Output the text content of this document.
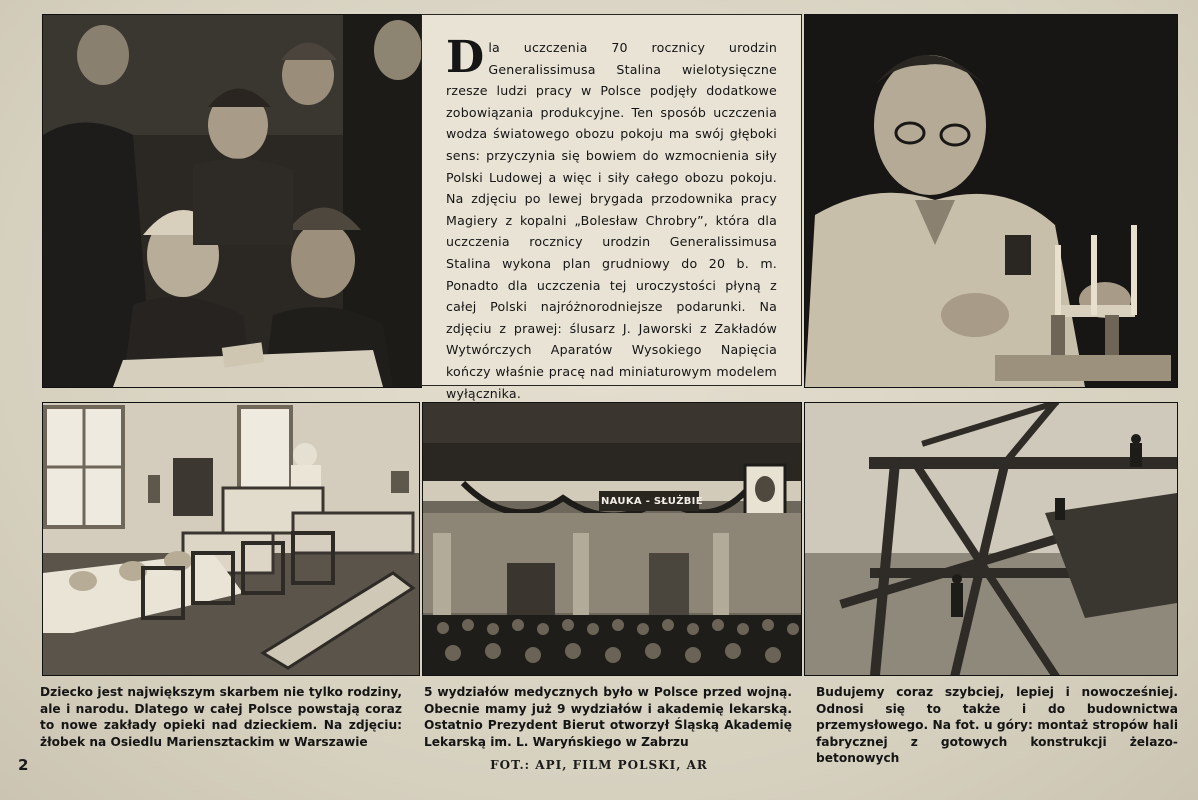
Dla uczczenia 70 rocznicy urodzin Generalissimusa Stalina wielotysięczne rzesze ludzi pracy w Polsce podjęły dodatkowe zobowiązania produkcyjne. Ten sposób uczczenia wodza światowego obozu pokoju ma swój głęboki sens: przyczynia się bowiem do wzmocnienia siły Polski Ludowej a więc i siły całego obozu pokoju. Na zdjęciu po lewej brygada przodownika pracy Magiery z kopalni „Bolesław Chrobry”, która dla uczczenia rocznicy urodzin Generalissimusa Stalina wykona plan grudniowy do 20 b. m. Ponadto dla uczczenia tej uroczystości płyną z całej Polski najróżnorodniejsze podarunki. Na zdjęciu z prawej: ślusarz J. Jaworski z Zakładów Wytwórczych Aparatów Wysokiego Napięcia kończy właśnie pracę nad miniaturowym modelem wyłącznika.

NAUKA - SŁUŻBIE

Dziecko jest największym skarbem nie tylko rodziny, ale i narodu. Dlatego w całej Polsce powstają coraz to nowe zakłady opieki nad dzieckiem. Na zdjęciu: żłobek na Osiedlu Mariensztackim w Warszawie

5 wydziałów medycznych było w Polsce przed wojną. Obecnie mamy już 9 wydziałów i akademię lekarską. Ostatnio Prezydent Bierut otworzył Śląską Akademię Lekarską im. L. Waryńskiego w Zabrzu

Budujemy coraz szybciej, lepiej i nowocześniej. Odnosi się to także i do budownictwa przemysłowego. Na fot. u góry: montaż stropów hali fabrycznej z gotowych konstrukcji żelazo-betonowych

2	FOT.: API, FILM POLSKI, AR
